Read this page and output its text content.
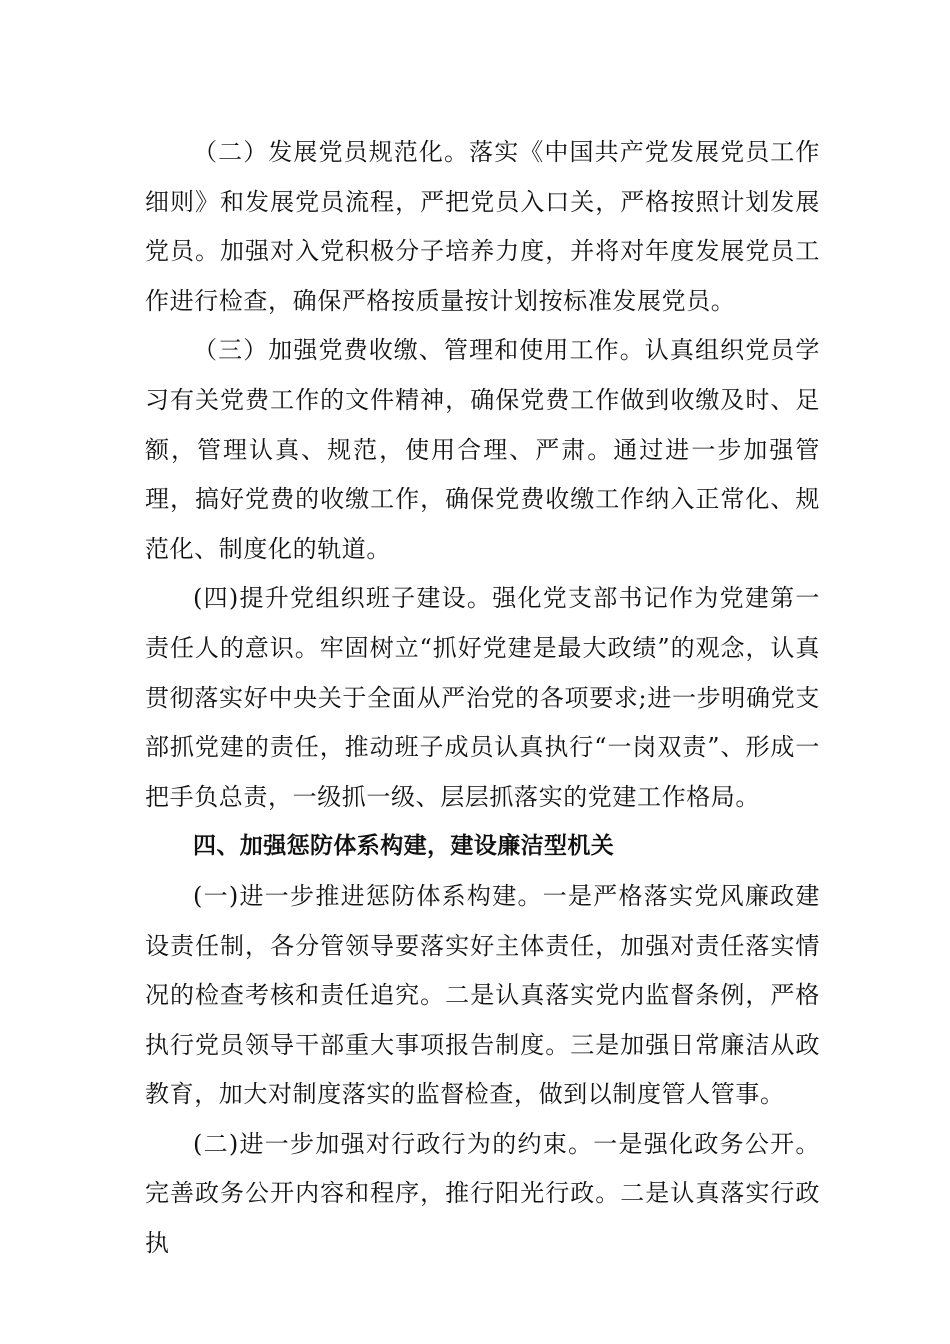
（二）发展党员规范化。落实《中国共产党发展党员工作细则》和发展党员流程，严把党员入口关，严格按照计划发展党员。加强对入党积极分子培养力度，并将对年度发展党员工作进行检查，确保严格按质量按计划按标准发展党员。

（三）加强党费收缴、管理和使用工作。认真组织党员学习有关党费工作的文件精神，确保党费工作做到收缴及时、足额，管理认真、规范，使用合理、严肃。通过进一步加强管理，搞好党费的收缴工作，确保党费收缴工作纳入正常化、规范化、制度化的轨道。

(四)提升党组织班子建设。强化党支部书记作为党建第一责任人的意识。牢固树立“抓好党建是最大政绩”的观念，认真贯彻落实好中央关于全面从严治党的各项要求;进一步明确党支部抓党建的责任，推动班子成员认真执行“一岗双责”、形成一把手负总责，一级抓一级、层层抓落实的党建工作格局。

四、加强惩防体系构建，建设廉洁型机关

(一)进一步推进惩防体系构建。一是严格落实党风廉政建设责任制，各分管领导要落实好主体责任，加强对责任落实情况的检查考核和责任追究。二是认真落实党内监督条例，严格执行党员领导干部重大事项报告制度。三是加强日常廉洁从政教育，加大对制度落实的监督检查，做到以制度管人管事。

(二)进一步加强对行政行为的约束。一是强化政务公开。完善政务公开内容和程序，推行阳光行政。二是认真落实行政执
